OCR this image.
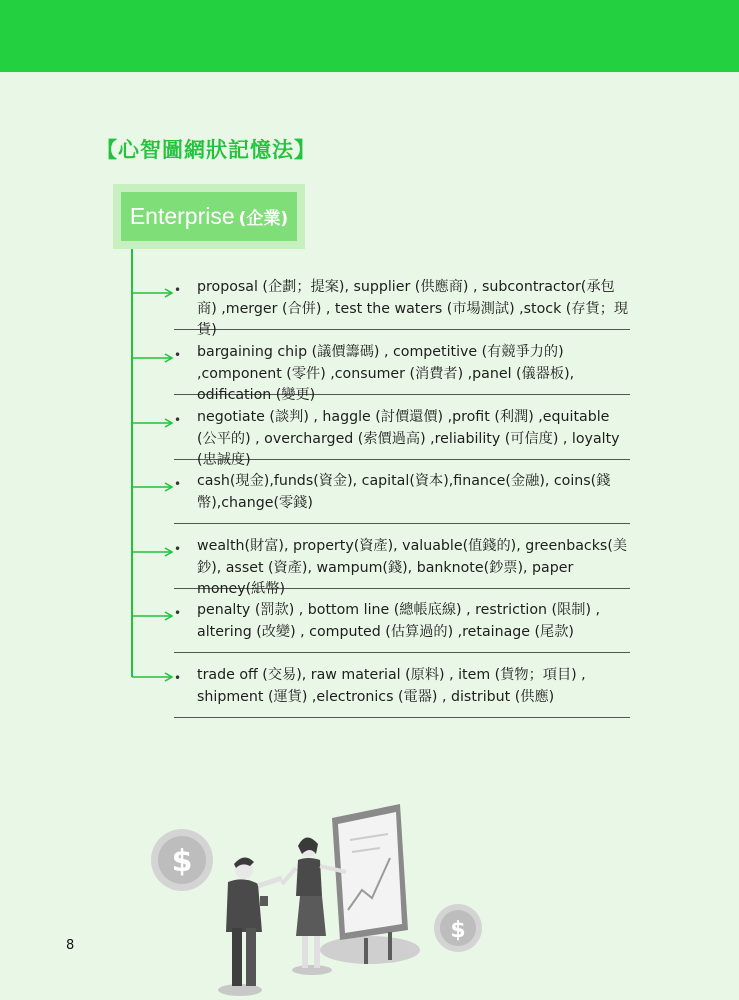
【心智圖網狀記憶法】
Enterprise (企業)
• proposal (企劃；提案), supplier (供應商) , subcontractor(承包商) ,merger (合併) , test the waters (市場測試) ,stock (存貨；現貨)
• bargaining chip (議價籌碼) , competitive (有競爭力的) ,component (零件) ,consumer (消費者) ,panel (儀器板), odification (變更)
• negotiate (談判) , haggle (討價還價) ,profit (利潤) ,equitable (公平的) , overcharged (索價過高) ,reliability (可信度) , loyalty (忠誠度)
• cash(現金),funds(資金), capital(資本),finance(金融), coins(錢幣),change(零錢)
• wealth(財富), property(資產), valuable(值錢的), greenbacks(美鈔), asset (資產), wampum(錢), banknote(鈔票), paper money(紙幣)
• penalty (罰款) , bottom line (總帳底線) , restriction (限制) , altering (改變) , computed (估算過的) ,retainage (尾款)
• trade off (交易), raw material (原料) , item (貨物；項目) , shipment (運貨) ,electronics (電器) , distribut (供應)
$
$
8
